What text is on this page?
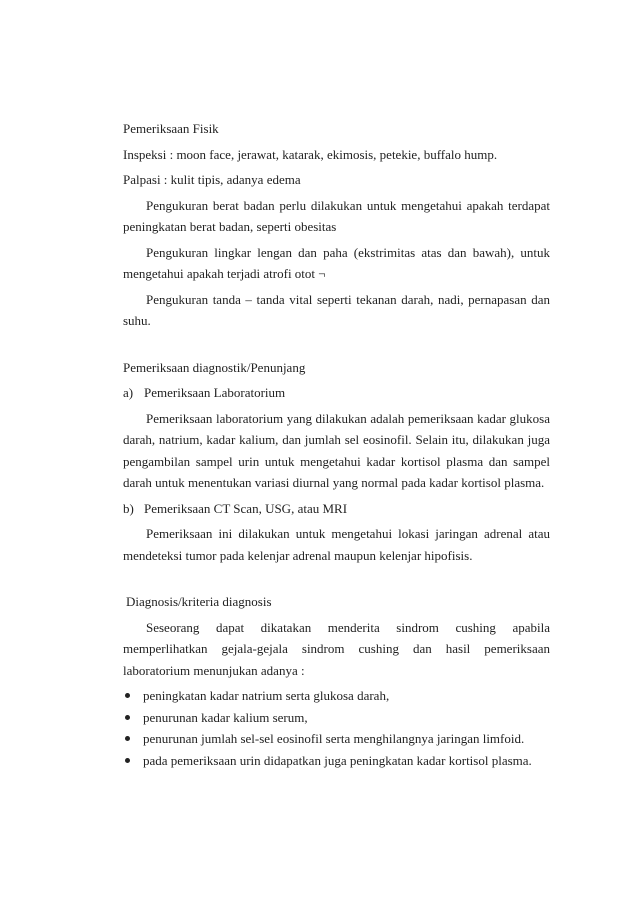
Pemeriksaan Fisik

Inspeksi : moon face, jerawat, katarak, ekimosis, petekie, buffalo hump.

Palpasi : kulit tipis, adanya edema

Pengukuran berat badan perlu dilakukan untuk mengetahui apakah terdapat peningkatan berat badan, seperti obesitas

Pengukuran lingkar lengan dan paha (ekstrimitas atas dan bawah), untuk mengetahui apakah terjadi atrofi otot ¬

Pengukuran tanda – tanda vital seperti tekanan darah, nadi, pernapasan dan suhu.

Pemeriksaan diagnostik/Penunjang

a) Pemeriksaan Laboratorium

Pemeriksaan laboratorium yang dilakukan adalah pemeriksaan kadar glukosa darah, natrium, kadar kalium, dan jumlah sel eosinofil. Selain itu, dilakukan juga pengambilan sampel urin untuk mengetahui kadar kortisol plasma dan sampel darah untuk menentukan variasi diurnal yang normal pada kadar kortisol plasma.

b) Pemeriksaan CT Scan, USG, atau MRI

Pemeriksaan ini dilakukan untuk mengetahui lokasi jaringan adrenal atau mendeteksi tumor pada kelenjar adrenal maupun kelenjar hipofisis.

Diagnosis/kriteria diagnosis

Seseorang dapat dikatakan menderita sindrom cushing apabila memperlihatkan gejala-gejala sindrom cushing dan hasil pemeriksaan laboratorium menunjukan adanya :

peningkatan kadar natrium serta glukosa darah,
penurunan kadar kalium serum,
penurunan jumlah sel-sel eosinofil serta menghilangnya jaringan limfoid.
pada pemeriksaan urin didapatkan juga peningkatan kadar kortisol plasma.
